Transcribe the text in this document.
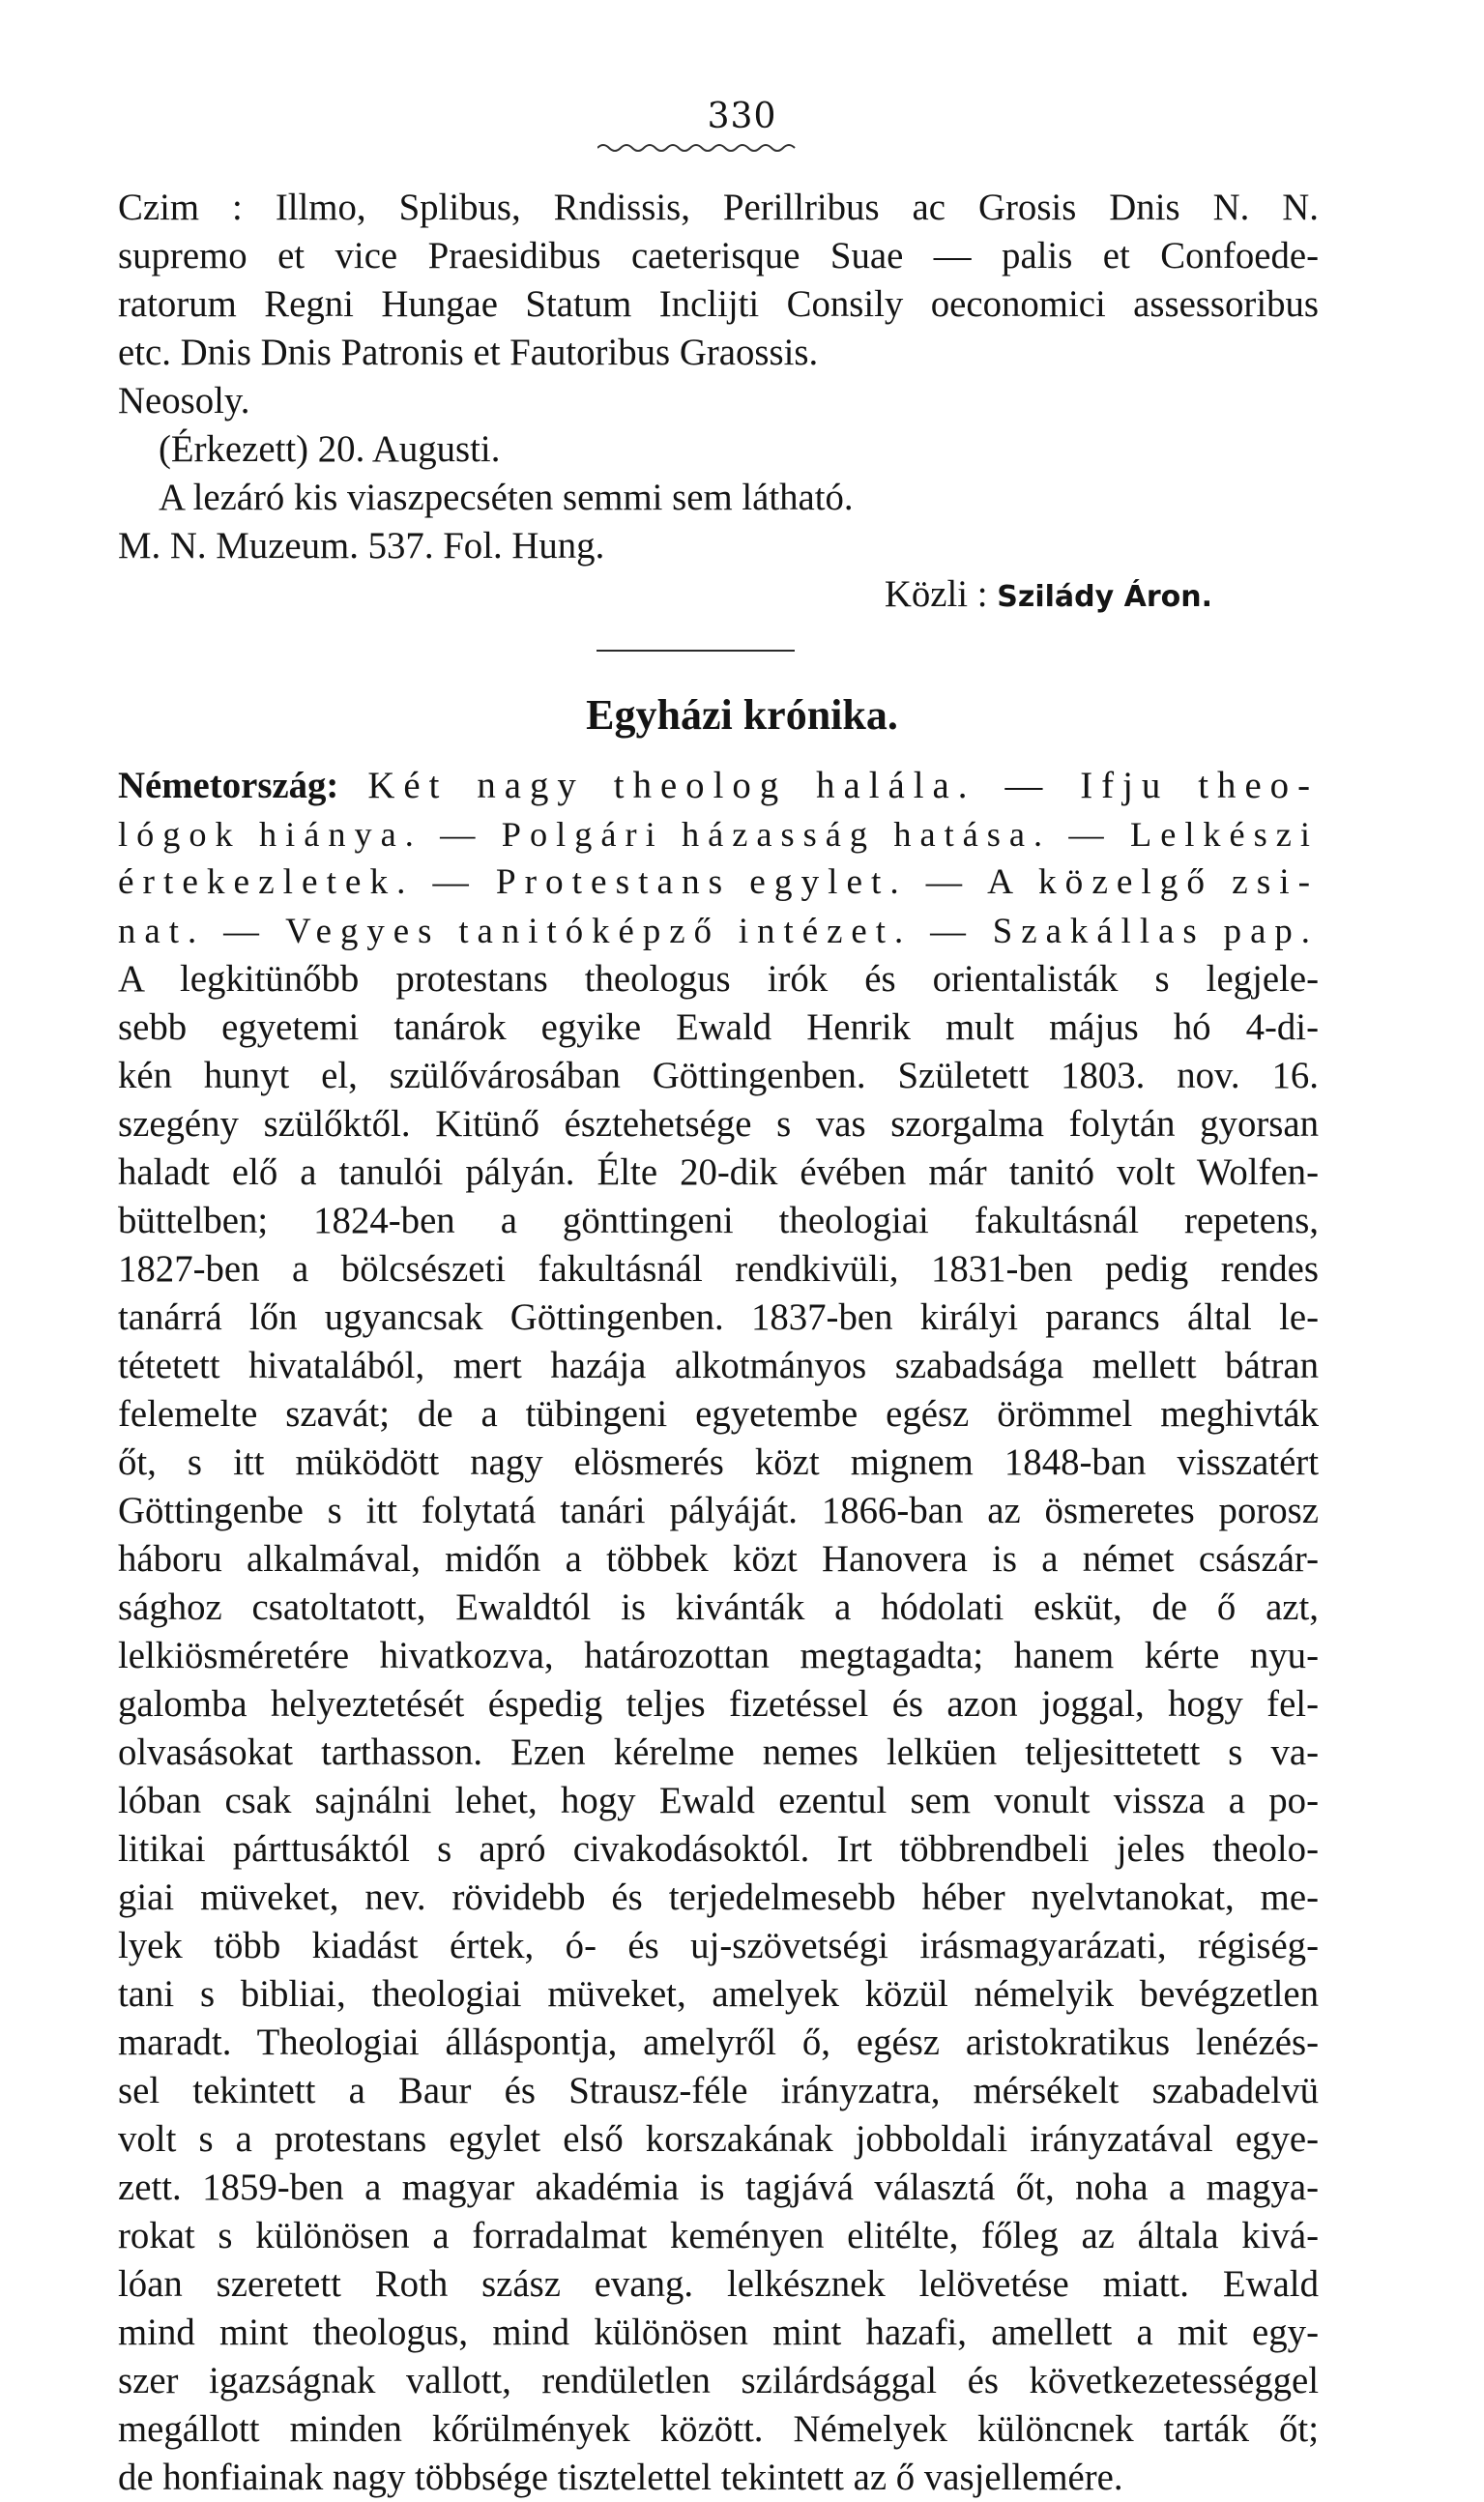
330
Czim : Illmo, Splibus, Rndissis, Perillribus ac Grosis Dnis N. N.
supremo et vice Praesidibus caeterisque Suae — palis et Confoede-
ratorum Regni Hungae Statum Inclijti Consily oeconomici assessoribus
etc. Dnis Dnis Patronis et Fautoribus Graossis.
Neosoly.
(Érkezett) 20. Augusti.
A lezáró kis viaszpecséten semmi sem látható.
M. N. Muzeum. 537. Fol. Hung.
Közli : Szilády Áron.
Egyházi krónika.
Németország: Két nagy theolog halála. — Ifju theo-
lógok hiánya. — Polgári házasság hatása. — Lelkészi
értekezletek. — Protestans egylet. — A közelgő zsi-
nat. — Vegyes tanitóképző intézet. — Szakállas pap.
A legkitünőbb protestans theologus irók és orientalisták s legjele-
sebb egyetemi tanárok egyike Ewald Henrik mult május hó 4-di-
kén hunyt el, szülővárosában Göttingenben. Született 1803. nov. 16.
szegény szülőktől. Kitünő észtehetsége s vas szorgalma folytán gyorsan
haladt elő a tanulói pályán. Élte 20-dik évében már tanitó volt Wolfen-
büttelben; 1824-ben a gönttingeni theologiai fakultásnál repetens,
1827-ben a bölcsészeti fakultásnál rendkivüli, 1831-ben pedig rendes
tanárrá lőn ugyancsak Göttingenben. 1837-ben királyi parancs által le-
tétetett hivatalából, mert hazája alkotmányos szabadsága mellett bátran
felemelte szavát; de a tübingeni egyetembe egész örömmel meghivták
őt, s itt müködött nagy elösmerés közt mignem 1848-ban visszatért
Göttingenbe s itt folytatá tanári pályáját. 1866-ban az ösmeretes porosz
háboru alkalmával, midőn a többek közt Hanovera is a német császár-
sághoz csatoltatott, Ewaldtól is kivánták a hódolati esküt, de ő azt,
lelkiösméretére hivatkozva, határozottan megtagadta; hanem kérte nyu-
galomba helyeztetését éspedig teljes fizetéssel és azon joggal, hogy fel-
olvasásokat tarthasson. Ezen kérelme nemes lelküen teljesittetett s va-
lóban csak sajnálni lehet, hogy Ewald ezentul sem vonult vissza a po-
litikai párttusáktól s apró civakodásoktól. Irt többrendbeli jeles theolo-
giai müveket, nev. rövidebb és terjedelmesebb héber nyelvtanokat, me-
lyek több kiadást értek, ó- és uj-szövetségi irásmagyarázati, régiség-
tani s bibliai, theologiai müveket, amelyek közül némelyik bevégzetlen
maradt. Theologiai álláspontja, amelyről ő, egész aristokratikus lenézés-
sel tekintett a Baur és Strausz-féle irányzatra, mérsékelt szabadelvü
volt s a protestans egylet első korszakának jobboldali irányzatával egye-
zett. 1859-ben a magyar akadémia is tagjává választá őt, noha a magya-
rokat s különösen a forradalmat keményen elitélte, főleg az általa kivá-
lóan szeretett Roth szász evang. lelkésznek lelövetése miatt. Ewald
mind mint theologus, mind különösen mint hazafi, amellett a mit egy-
szer igazságnak vallott, rendületlen szilárdsággal és következetességgel
megállott minden kőrülmények között. Némelyek különcnek tarták őt;
de honfiainak nagy többsége tisztelettel tekintett az ő vasjellemére.
